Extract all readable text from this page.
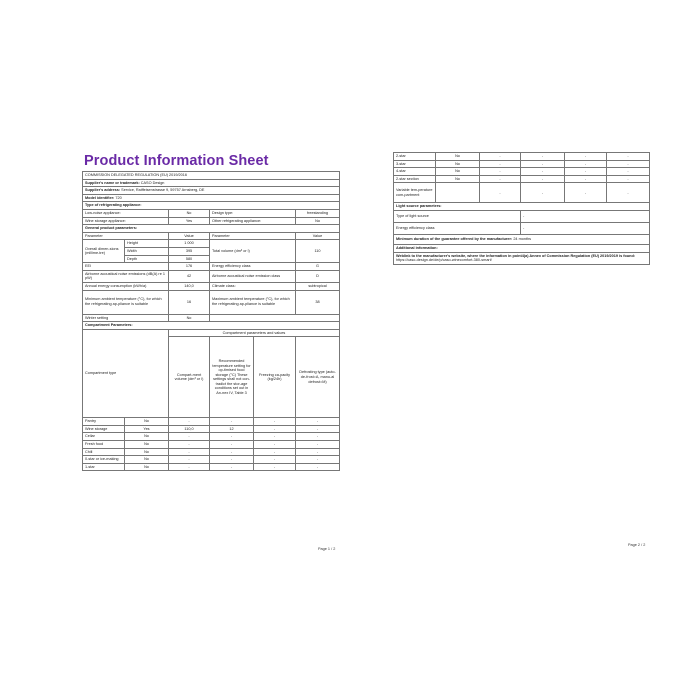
Product Information Sheet
COMMISSION DELEGATED REGULATION (EU) 2019/2016					
Supplier's name or trademark: CASO Design					
Supplier's address: Service, Raiffeisenstrasse 9, 59757 Arnsberg, DE					
Model identifier: 720					
Type of refrigerating appliance:					
Low-noise appliance:		No	Design type:		freestanding
Wine storage appliance:		Yes	Other refrigerating appliance:		No
General product parameters:					
Parameter		Value	Parameter		Value
Overall dimen-sions (millime-tre)	Height	1 000	Total volume (dm³ or l)		110
	Width	395			
	Depth	580			
EEI		176	Energy efficiency class		G
Airborne acoustical noise emissions (dB(A) re 1 pW)		42	Airborne acoustical noise emission class		D
Annual energy consumption (kWh/a)		140,0	Climate class:		subtropical
Minimum ambient temperature (°C), for which the refrigerating ap-pliance is suitable		16	Maximum ambient temperature (°C), for which the refrigerating ap-pliance is suitable		38
Winter setting		No			
Compartment Parameters:					
Compartment type		Compartment parameters and values			
		Compart-ment volume (dm³ or l)	Recommended temperature setting for op-timised food storage (°C) These settings shall not con-tradict the stor-age conditions set out in An-nex IV, Table 3	Freezing ca-pacity (kg/24h)	Defrosting type (auto-de-frost=A, manu-al defrost=M)
Pantry	No	-	-	-	-
Wine storage	Yes	110,0	12	-	-
Cellar	No	-	-	-	-
Fresh food	No	-	-	-	-
Chill	No	-	-	-	-
0-star or ice-making	No	-	-	-	-
1-star	No	-	-	-	-
Page 1 / 2
2-star	No	-	-	-	-
3-star	No	-	-	-	-
4-star	No	-	-	-	-
2-star section	No	-	-	-	-
Variable tem-perature com-partment		-	-	-	-
Light source parameters:					
Type of light source			-		
Energy efficiency class			-		
Minimum duration of the guarantee offered by the manufacturer: 24 months					
Additional information:					
Weblink to the manufacturer's website, where the information in point4(a) Annex of Commission Regulation (EU) 2019/2019 is found: https://caso-design.de/de/p/caso-winecomfort-380-smart/					
Page 2 / 2
